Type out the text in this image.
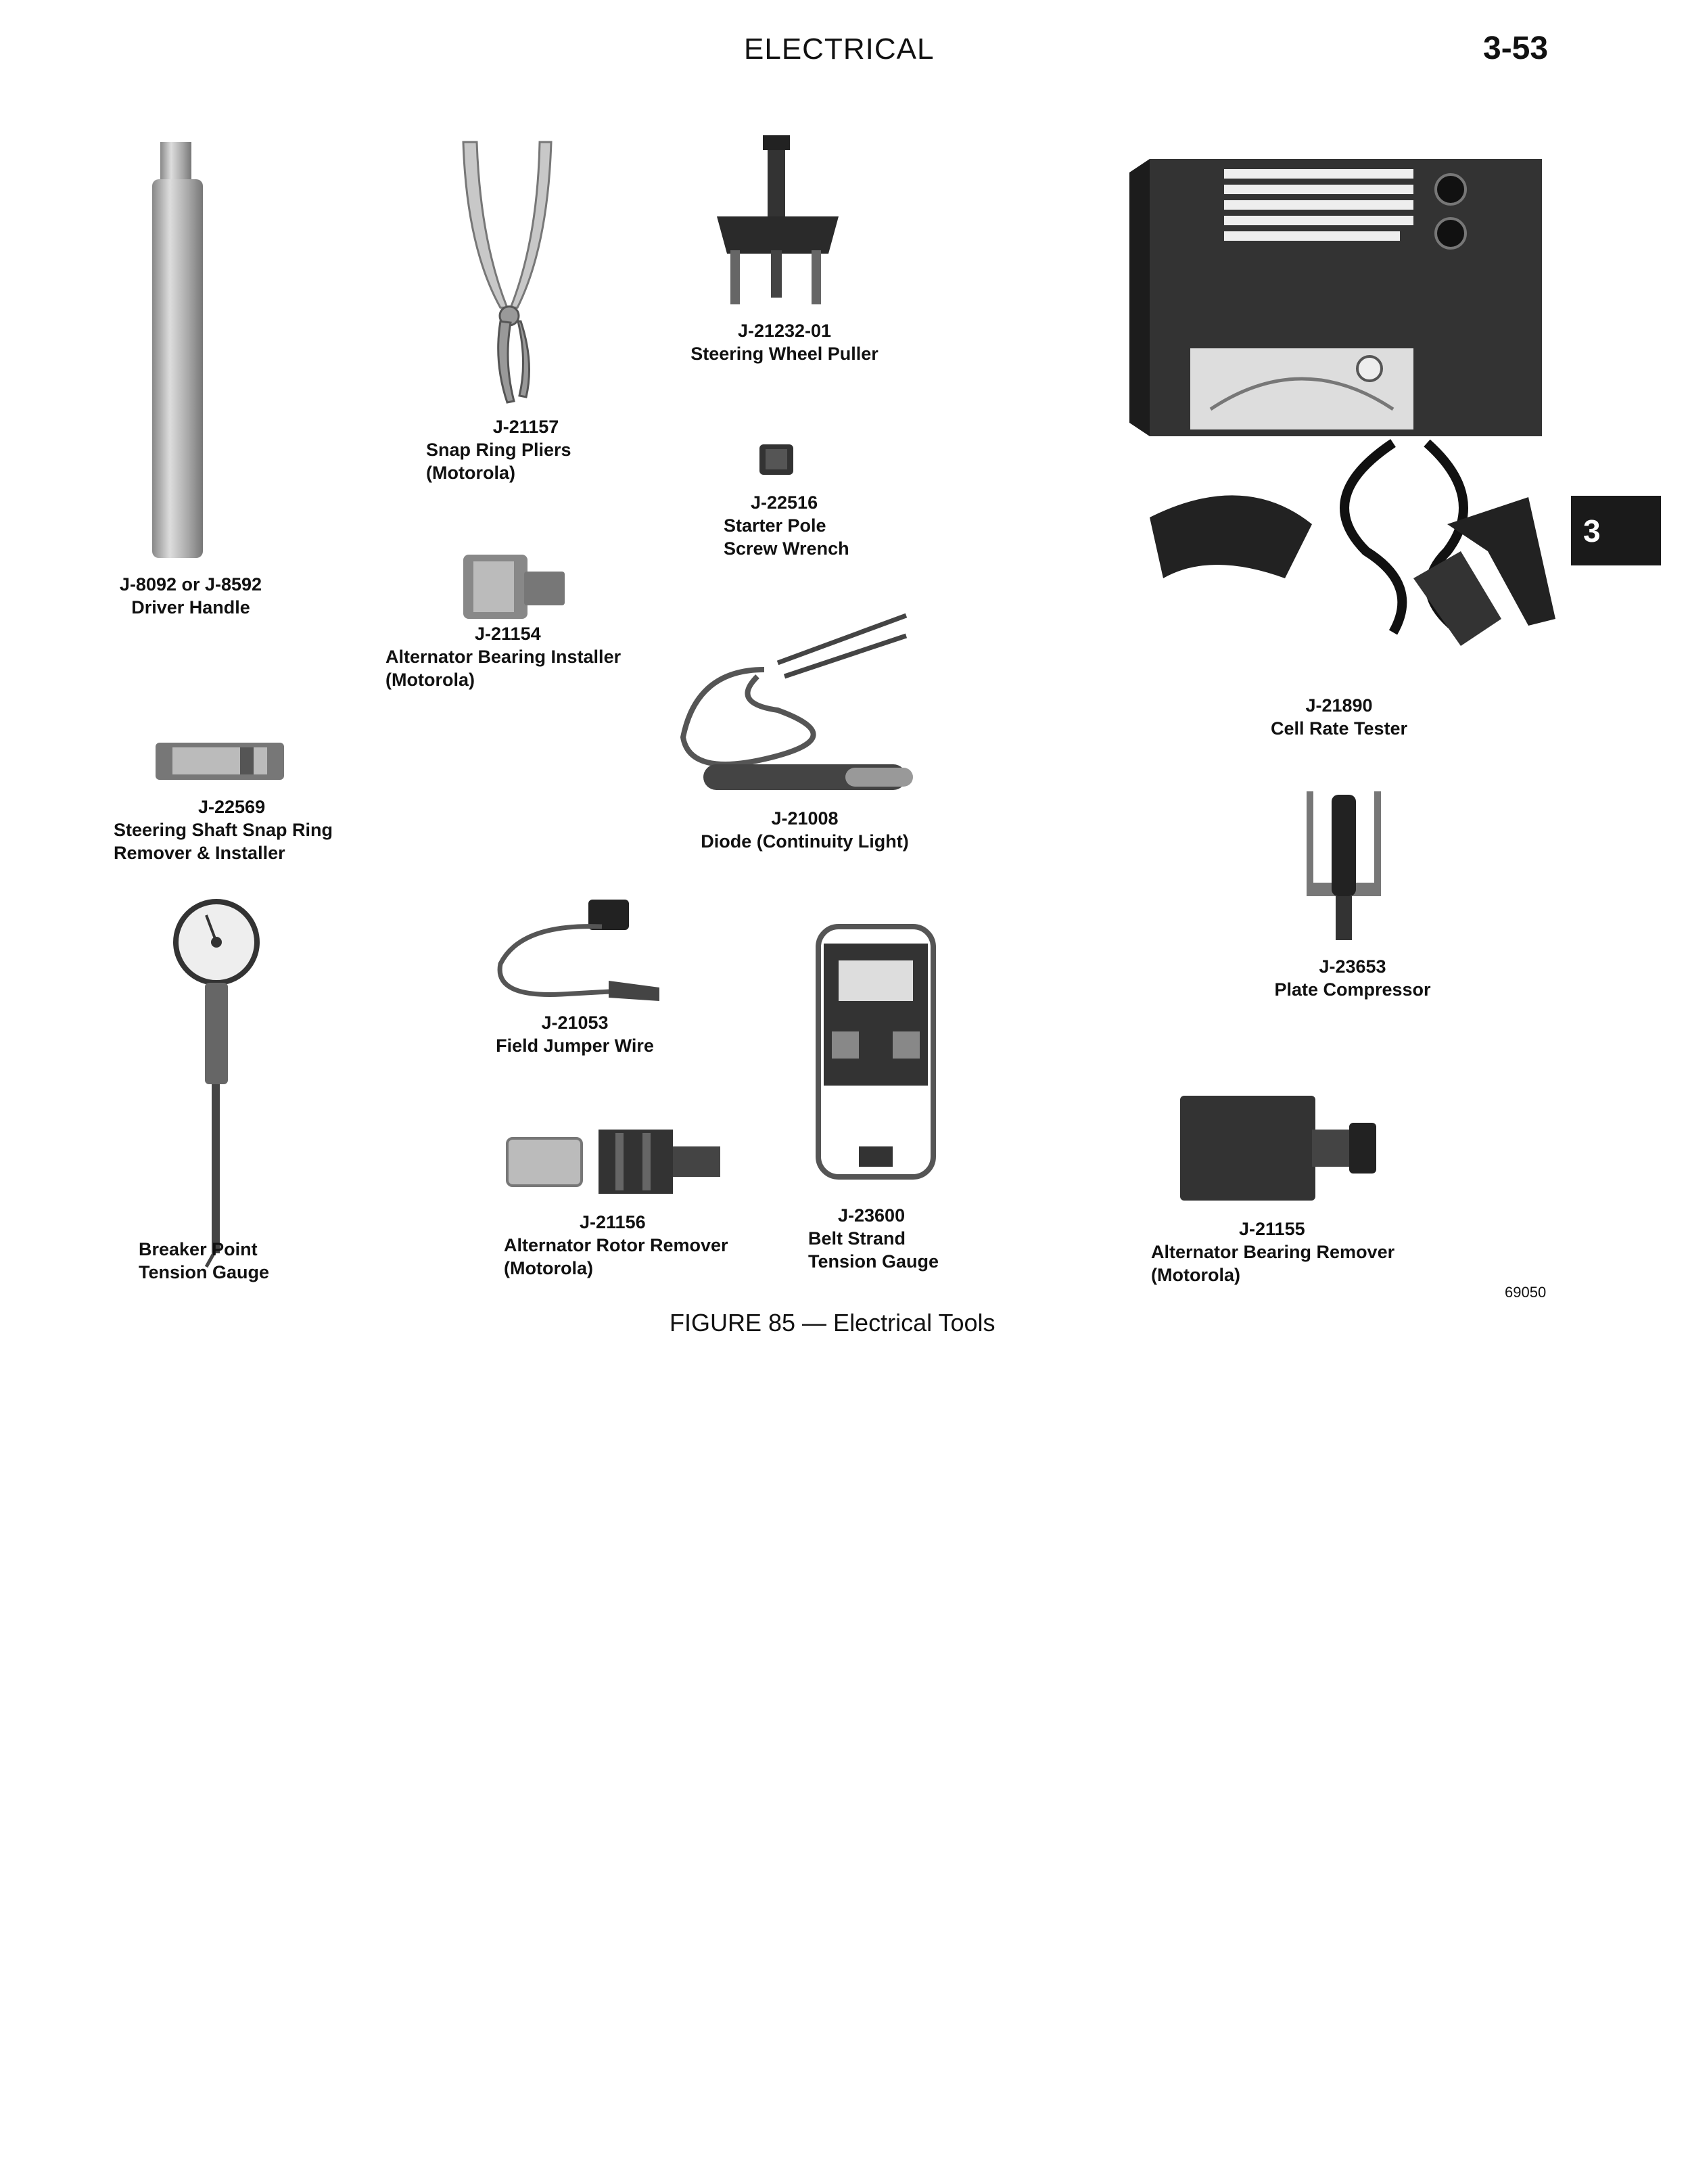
ELECTRICAL	3-53
3
J-8092 or J-8592
Driver Handle
J-21157
Snap Ring Pliers
(Motorola)
J-21232-01
Steering Wheel Puller
J-22516
Starter Pole
Screw Wrench
J-21154
Alternator Bearing Installer
(Motorola)
J-21890
Cell Rate Tester
J-22569
Steering Shaft Snap Ring
Remover & Installer
J-21008
Diode (Continuity Light)
J-23653
Plate Compressor
J-21053
Field Jumper Wire
Breaker Point
Tension Gauge
J-21156
Alternator Rotor Remover
(Motorola)
J-23600
Belt Strand
Tension Gauge
J-21155
Alternator Bearing Remover
(Motorola)
69050
FIGURE 85 — Electrical Tools
